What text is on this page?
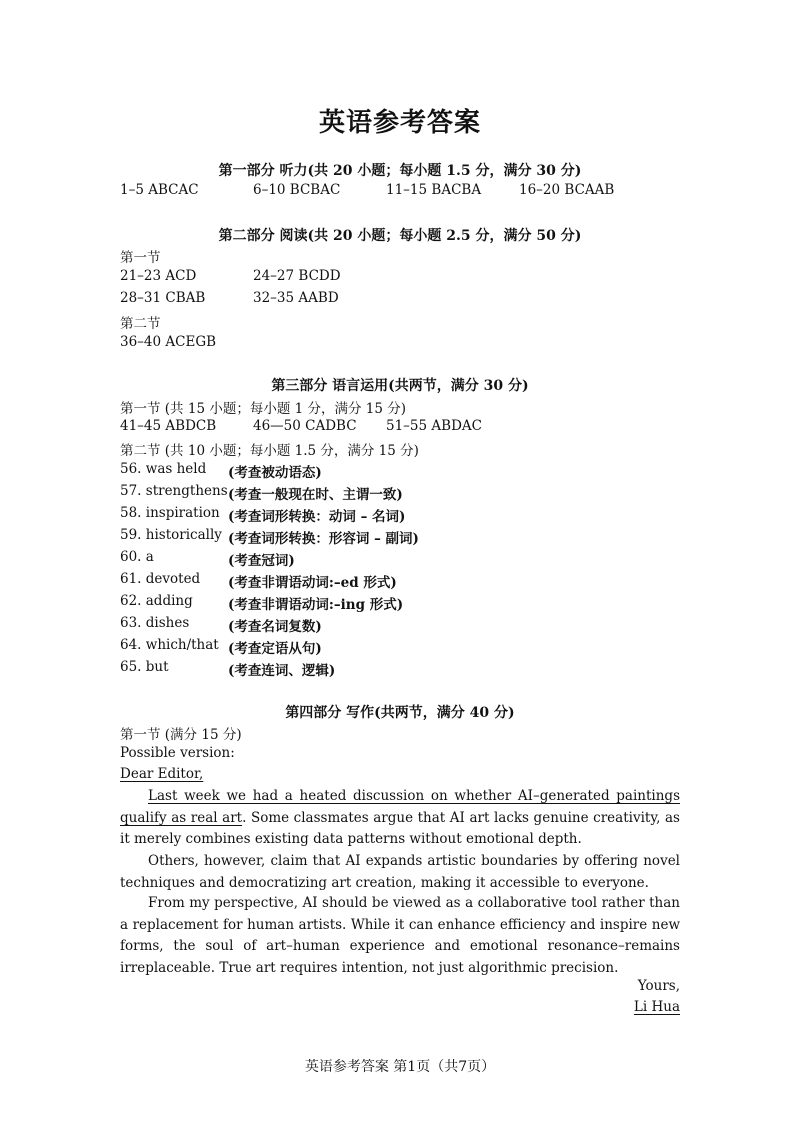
英语参考答案
第一部分 听力(共 20 小题；每小题 1.5 分，满分 30 分)
1–5 ABCAC	6–10 BCBAC	11–15 BACBA	16–20 BCAAB
第二部分 阅读(共 20 小题；每小题 2.5 分，满分 50 分)
第一节
21–23 ACD	24–27 BCDD
28–31 CBAB	32–35 AABD
第二节
36–40 ACEGB
第三部分 语言运用(共两节，满分 30 分)
第一节 (共 15 小题；每小题 1 分，满分 15 分)
41–45 ABDCB	46—50 CADBC 51–55 ABDAC
第二节 (共 10 小题；每小题 1.5 分，满分 15 分)
56. was held (考查被动语态)
57. strengthens (考查一般现在时、主谓一致)
58. inspiration (考查词形转换：动词 – 名词)
59. historically (考查词形转换：形容词 – 副词)
60. a	(考查冠词)
61. devoted (考查非谓语动词:–ed 形式)
62. adding	(考查非谓语动词:–ing 形式)
63. dishes	(考查名词复数)
64. which/that (考查定语从句)
65. but	(考查连词、逻辑)
第四部分 写作(共两节，满分 40 分)
第一节 (满分 15 分)
Possible version:
Dear Editor,
Last week we had a heated discussion on whether AI–generated paintings qualify as real art. Some classmates argue that AI art lacks genuine creativity, as it merely combines existing data patterns without emotional depth.
Others, however, claim that AI expands artistic boundaries by offering novel techniques and democratizing art creation, making it accessible to everyone.
From my perspective, AI should be viewed as a collaborative tool rather than a replacement for human artists. While it can enhance efficiency and inspire new forms, the soul of art–human experience and emotional resonance–remains irreplaceable. True art requires intention, not just algorithmic precision.
Yours,
Li Hua
英语参考答案 第1页（共7页）
